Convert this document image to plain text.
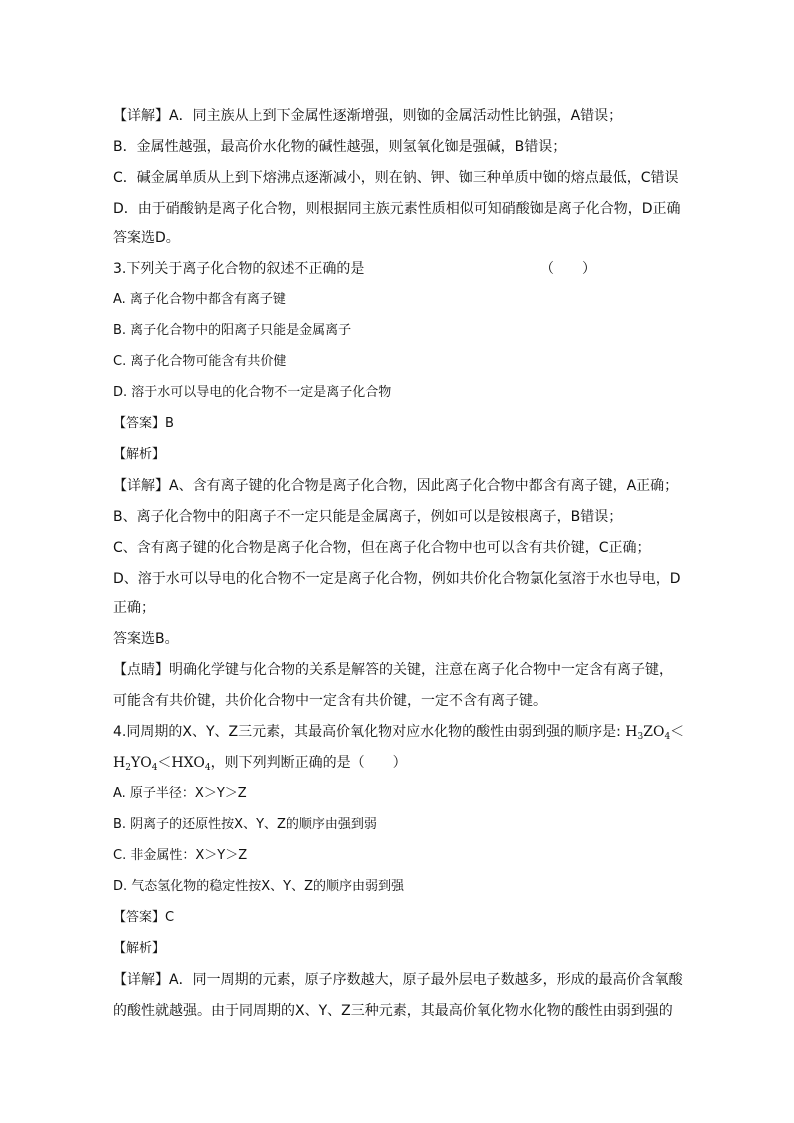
【详解】A．同主族从上到下金属性逐渐增强，则铷的金属活动性比钠强，A错误；
B．金属性越强，最高价水化物的碱性越强，则氢氧化铷是强碱，B错误；
C．碱金属单质从上到下熔沸点逐渐减小，则在钠、钾、铷三种单质中铷的熔点最低，C错误
D．由于硝酸钠是离子化合物，则根据同主族元素性质相似可知硝酸铷是离子化合物，D正确
答案选D。
3.下列关于离子化合物的叙述不正确的是	（　　）
A. 离子化合物中都含有离子键
B. 离子化合物中的阳离子只能是金属离子
C. 离子化合物可能含有共价健
D. 溶于水可以导电的化合物不一定是离子化合物
【答案】B
【解析】
【详解】A、含有离子键的化合物是离子化合物，因此离子化合物中都含有离子键，A正确；
B、离子化合物中的阳离子不一定只能是金属离子，例如可以是铵根离子，B错误；
C、含有离子键的化合物是离子化合物，但在离子化合物中也可以含有共价键，C正确；
D、溶于水可以导电的化合物不一定是离子化合物，例如共价化合物氯化氢溶于水也导电，D
正确；
答案选B。
【点睛】明确化学键与化合物的关系是解答的关键，注意在离子化合物中一定含有离子键，
可能含有共价键，共价化合物中一定含有共价键，一定不含有离子键。
4.同周期的X、Y、Z三元素，其最高价氧化物对应水化物的酸性由弱到强的顺序是: $H_3ZO_4<$
$H_2YO_4<HXO_4$，则下列判断正确的是（　　）
A. 原子半径：X＞Y＞Z
B. 阴离子的还原性按X、Y、Z的顺序由强到弱
C. 非金属性：X＞Y＞Z
D. 气态氢化物的稳定性按X、Y、Z的顺序由弱到强
【答案】C
【解析】
【详解】A．同一周期的元素，原子序数越大，原子最外层电子数越多，形成的最高价含氧酸
的酸性就越强。由于同周期的X、Y、Z三种元素，其最高价氧化物水化物的酸性由弱到强的
